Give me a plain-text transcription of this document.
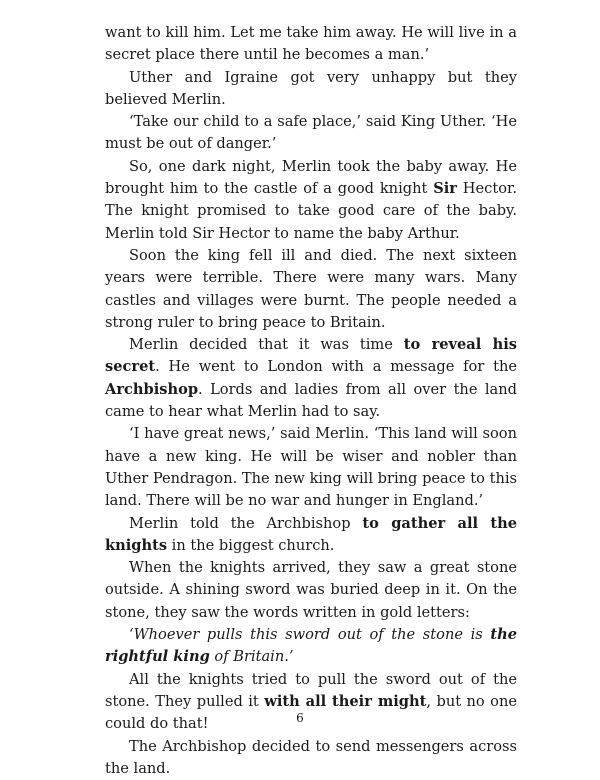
want to kill him. Let me take him away. He will live in a secret place there until he becomes a man.’

Uther and Igraine got very unhappy but they believed Merlin.

‘Take our child to a safe place,’ said King Uther. ‘He must be out of danger.’

So, one dark night, Merlin took the baby away. He brought him to the castle of a good knight Sir Hector. The knight promised to take good care of the baby. Merlin told Sir Hector to name the baby Arthur.

Soon the king fell ill and died. The next sixteen years were terrible. There were many wars. Many castles and villages were burnt. The people needed a strong ruler to bring peace to Britain.

Merlin decided that it was time to reveal his secret. He went to London with a message for the Archbishop. Lords and ladies from all over the land came to hear what Merlin had to say.

‘I have great news,’ said Merlin. ‘This land will soon have a new king. He will be wiser and nobler than Uther Pendragon. The new king will bring peace to this land. There will be no war and hunger in England.’

Merlin told the Archbishop to gather all the knights in the biggest church.

When the knights arrived, they saw a great stone outside. A shining sword was buried deep in it. On the stone, they saw the words written in gold letters:

‘Whoever pulls this sword out of the stone is the rightful king of Britain.’

All the knights tried to pull the sword out of the stone. They pulled it with all their might, but no one could do that!

The Archbishop decided to send messengers across the land.

6
